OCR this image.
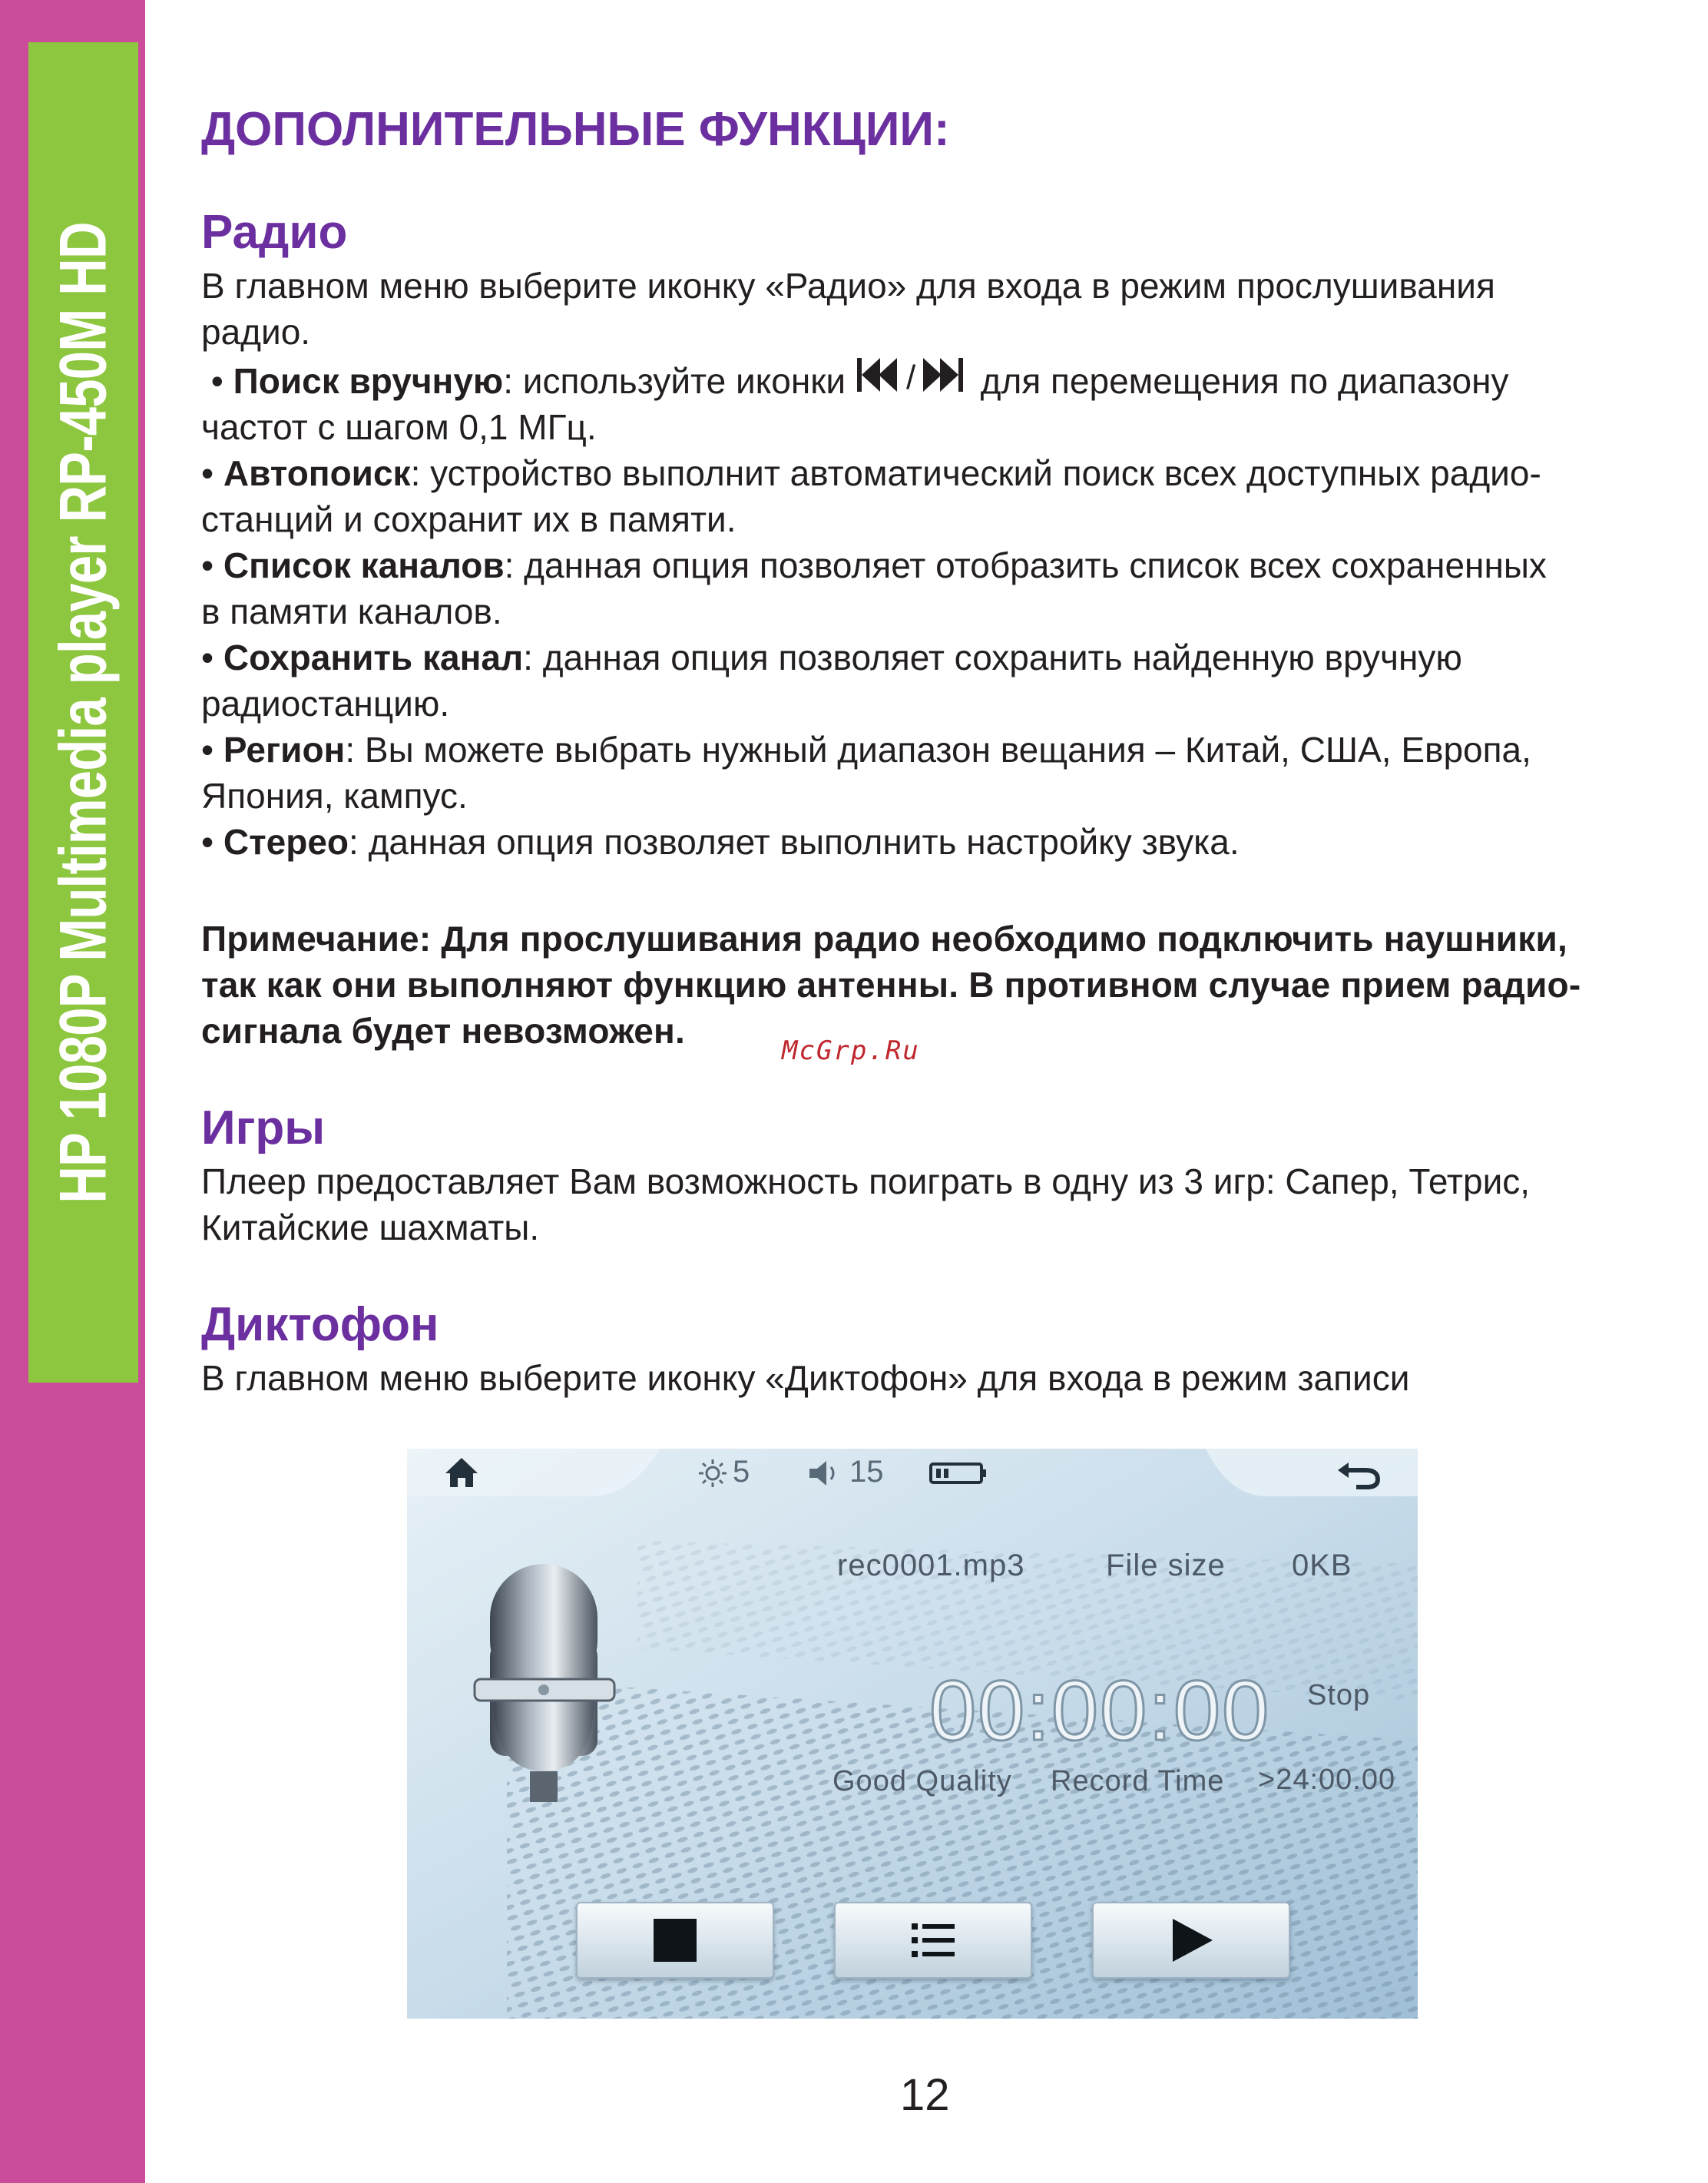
HP 1080P Multimedia player RP-450M HD
ДОПОЛНИТЕЛЬНЫЕ ФУНКЦИИ:
Радио

В главном меню выберите иконку «Радио» для входа в режим прослушивания

радио.

• Поиск вручную: используйте иконки / для перемещения по диапазону

частот с шагом 0,1 МГц.

• Автопоиск: устройство выполнит автоматический поиск всех доступных радио-

станций и сохранит их в памяти.

• Список каналов: данная опция позволяет отобразить список всех сохраненных

в памяти каналов.

• Сохранить канал: данная опция позволяет сохранить найденную вручную

радиостанцию.

• Регион: Вы можете выбрать нужный диапазон вещания – Китай, США, Европа,

Япония, кампус.

• Стерео: данная опция позволяет выполнить настройку звука.

Примечание: Для прослушивания радио необходимо подключить наушники,

так как они выполняют функцию антенны. В противном случае прием радио-

сигнала будет невозможен.

Игры

Плеер предоставляет Вам возможность поиграть в одну из 3 игр: Сапер, Тетрис,

Китайские шахматы.

Диктофон

В главном меню выберите иконку «Диктофон» для входа в режим записи

McGrp.Ru
5	15
rec0001.mp3	File size 0KB
00:00:00 Stop
Good Quality Record Time >24:00.00
12
